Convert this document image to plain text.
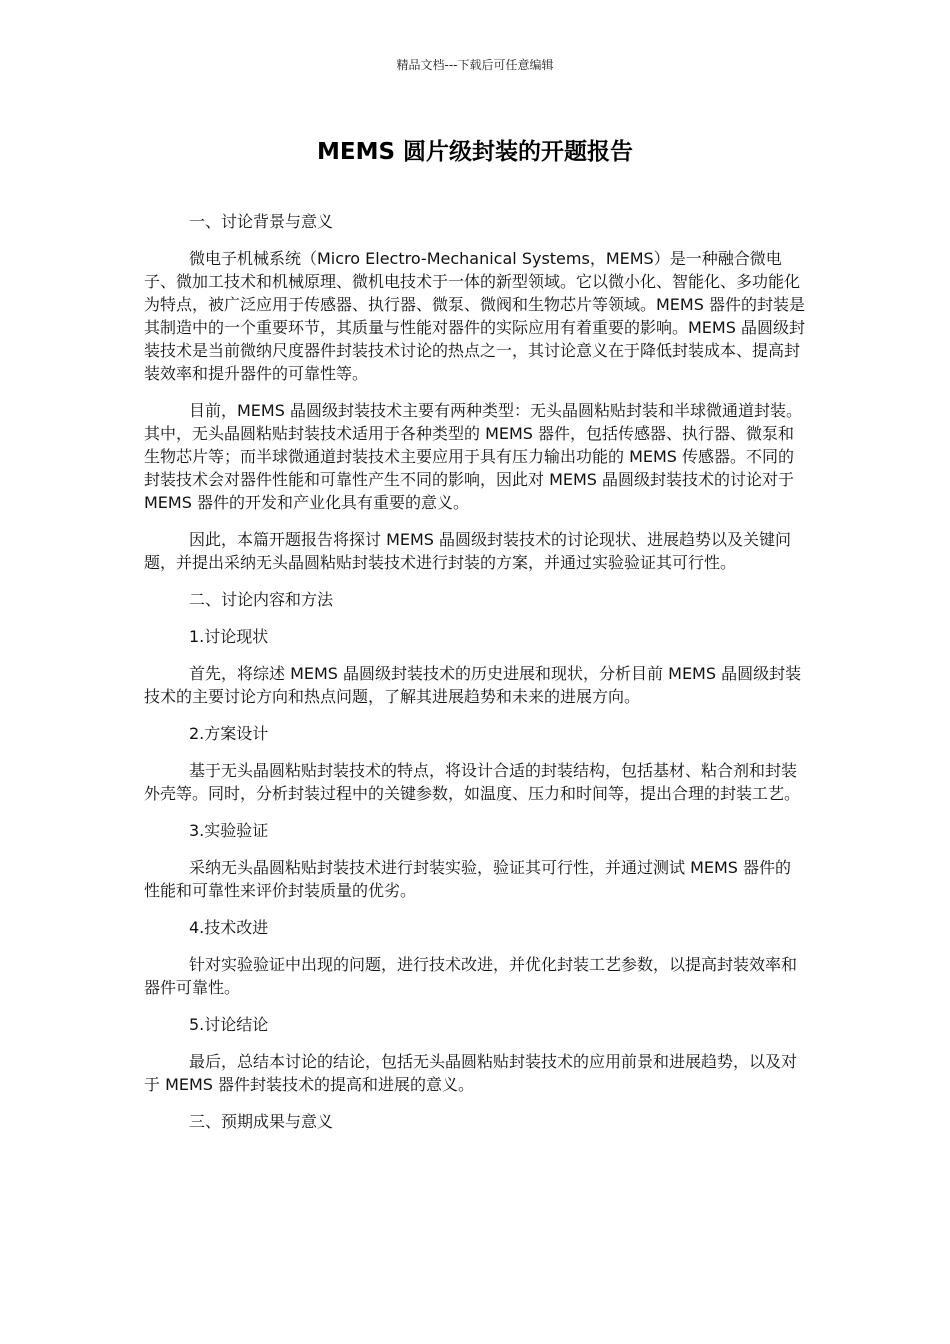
精品文档---下载后可任意编辑
MEMS 圆片级封装的开题报告

一、讨论背景与意义

微电子机械系统（Micro Electro-Mechanical Systems，MEMS）是一种融合微电子、微加工技术和机械原理、微机电技术于一体的新型领域。它以微小化、智能化、多功能化为特点，被广泛应用于传感器、执行器、微泵、微阀和生物芯片等领域。MEMS 器件的封装是其制造中的一个重要环节，其质量与性能对器件的实际应用有着重要的影响。MEMS 晶圆级封装技术是当前微纳尺度器件封装技术讨论的热点之一，其讨论意义在于降低封装成本、提高封装效率和提升器件的可靠性等。

目前，MEMS 晶圆级封装技术主要有两种类型：无头晶圆粘贴封装和半球微通道封装。其中，无头晶圆粘贴封装技术适用于各种类型的 MEMS 器件，包括传感器、执行器、微泵和生物芯片等；而半球微通道封装技术主要应用于具有压力输出功能的 MEMS 传感器。不同的封装技术会对器件性能和可靠性产生不同的影响，因此对 MEMS 晶圆级封装技术的讨论对于 MEMS 器件的开发和产业化具有重要的意义。

因此，本篇开题报告将探讨 MEMS 晶圆级封装技术的讨论现状、进展趋势以及关键问题，并提出采纳无头晶圆粘贴封装技术进行封装的方案，并通过实验验证其可行性。

二、讨论内容和方法

1.讨论现状

首先，将综述 MEMS 晶圆级封装技术的历史进展和现状，分析目前 MEMS 晶圆级封装技术的主要讨论方向和热点问题，了解其进展趋势和未来的进展方向。

2.方案设计

基于无头晶圆粘贴封装技术的特点，将设计合适的封装结构，包括基材、粘合剂和封装外壳等。同时，分析封装过程中的关键参数，如温度、压力和时间等，提出合理的封装工艺。

3.实验验证

采纳无头晶圆粘贴封装技术进行封装实验，验证其可行性，并通过测试 MEMS 器件的性能和可靠性来评价封装质量的优劣。

4.技术改进

针对实验验证中出现的问题，进行技术改进，并优化封装工艺参数，以提高封装效率和器件可靠性。

5.讨论结论

最后，总结本讨论的结论，包括无头晶圆粘贴封装技术的应用前景和进展趋势，以及对于 MEMS 器件封装技术的提高和进展的意义。

三、预期成果与意义
